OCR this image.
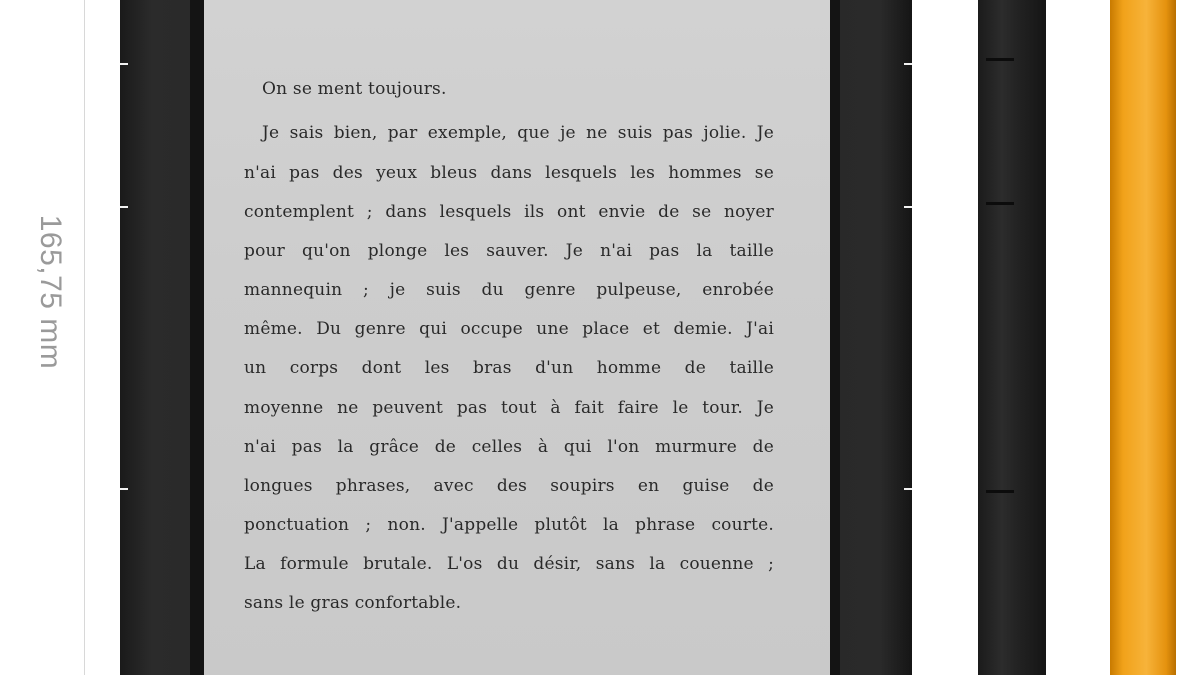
165,75 mm
On se ment toujours.
Je sais bien, par exemple, que je ne suis pas jolie. Je
n'ai pas des yeux bleus dans lesquels les hommes se
contemplent ; dans lesquels ils ont envie de se noyer
pour qu'on plonge les sauver. Je n'ai pas la taille
mannequin ; je suis du genre pulpeuse, enrobée
même. Du genre qui occupe une place et demie. J'ai
un corps dont les bras d'un homme de taille
moyenne ne peuvent pas tout à fait faire le tour. Je
n'ai pas la grâce de celles à qui l'on murmure de
longues phrases, avec des soupirs en guise de
ponctuation ; non. J'appelle plutôt la phrase courte.
La formule brutale. L'os du désir, sans la couenne ;
sans le gras confortable.
